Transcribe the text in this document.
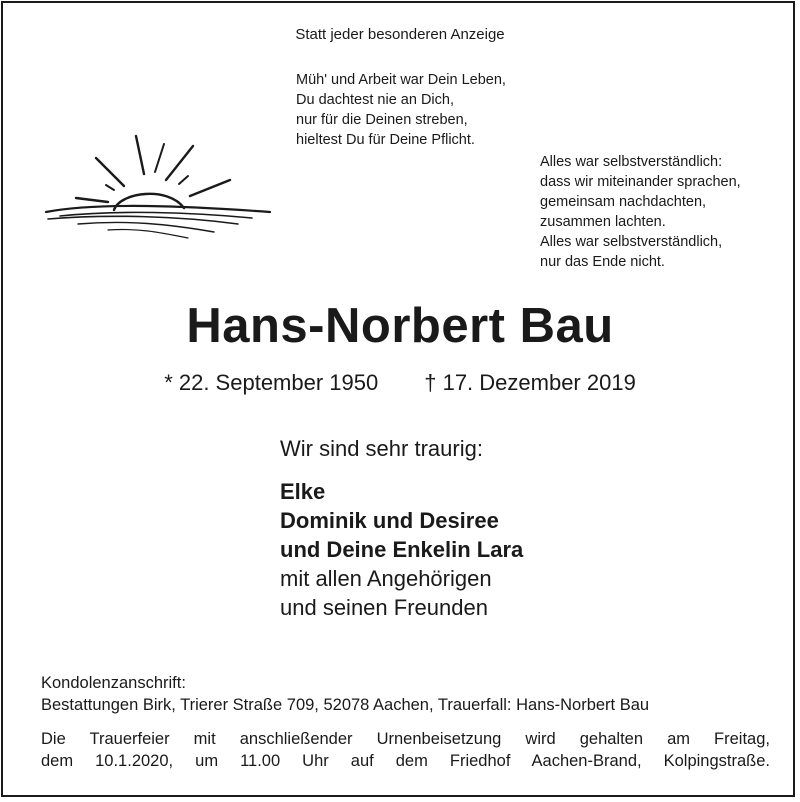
Statt jeder besonderen Anzeige
Müh' und Arbeit war Dein Leben,
Du dachtest nie an Dich,
nur für die Deinen streben,
hieltest Du für Deine Pflicht.
Alles war selbstverständlich:
dass wir miteinander sprachen,
gemeinsam nachdachten,
zusammen lachten.
Alles war selbstverständlich,
nur das Ende nicht.
Hans-Norbert Bau
* 22. September 1950 † 17. Dezember 2019
Wir sind sehr traurig:
Elke
Dominik und Desiree
und Deine Enkelin Lara
mit allen Angehörigen
und seinen Freunden
Kondolenzanschrift:
Bestattungen Birk, Trierer Straße 709, 52078 Aachen, Trauerfall: Hans-Norbert Bau
Die Trauerfeier mit anschließender Urnenbeisetzung wird gehalten am Freitag,
dem 10.1.2020, um 11.00 Uhr auf dem Friedhof Aachen-Brand, Kolpingstraße.
